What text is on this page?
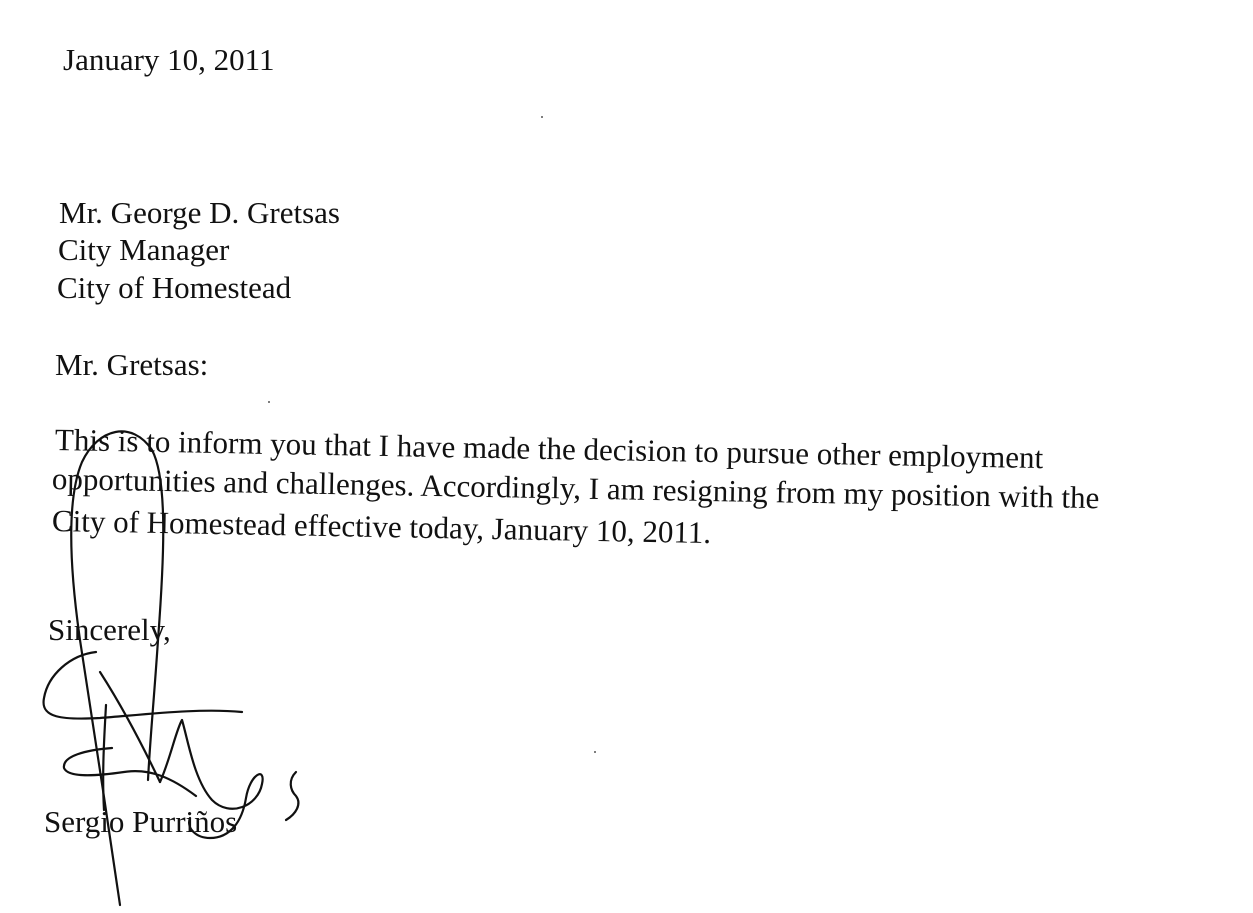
January 10, 2011
Mr. George D. Gretsas
City Manager
City of Homestead
Mr. Gretsas:
This is to inform you that I have made the decision to pursue other employment
opportunities and challenges. Accordingly, I am resigning from my position with the
City of Homestead effective today, January 10, 2011.
Sincerely,
Sergio Purriños
